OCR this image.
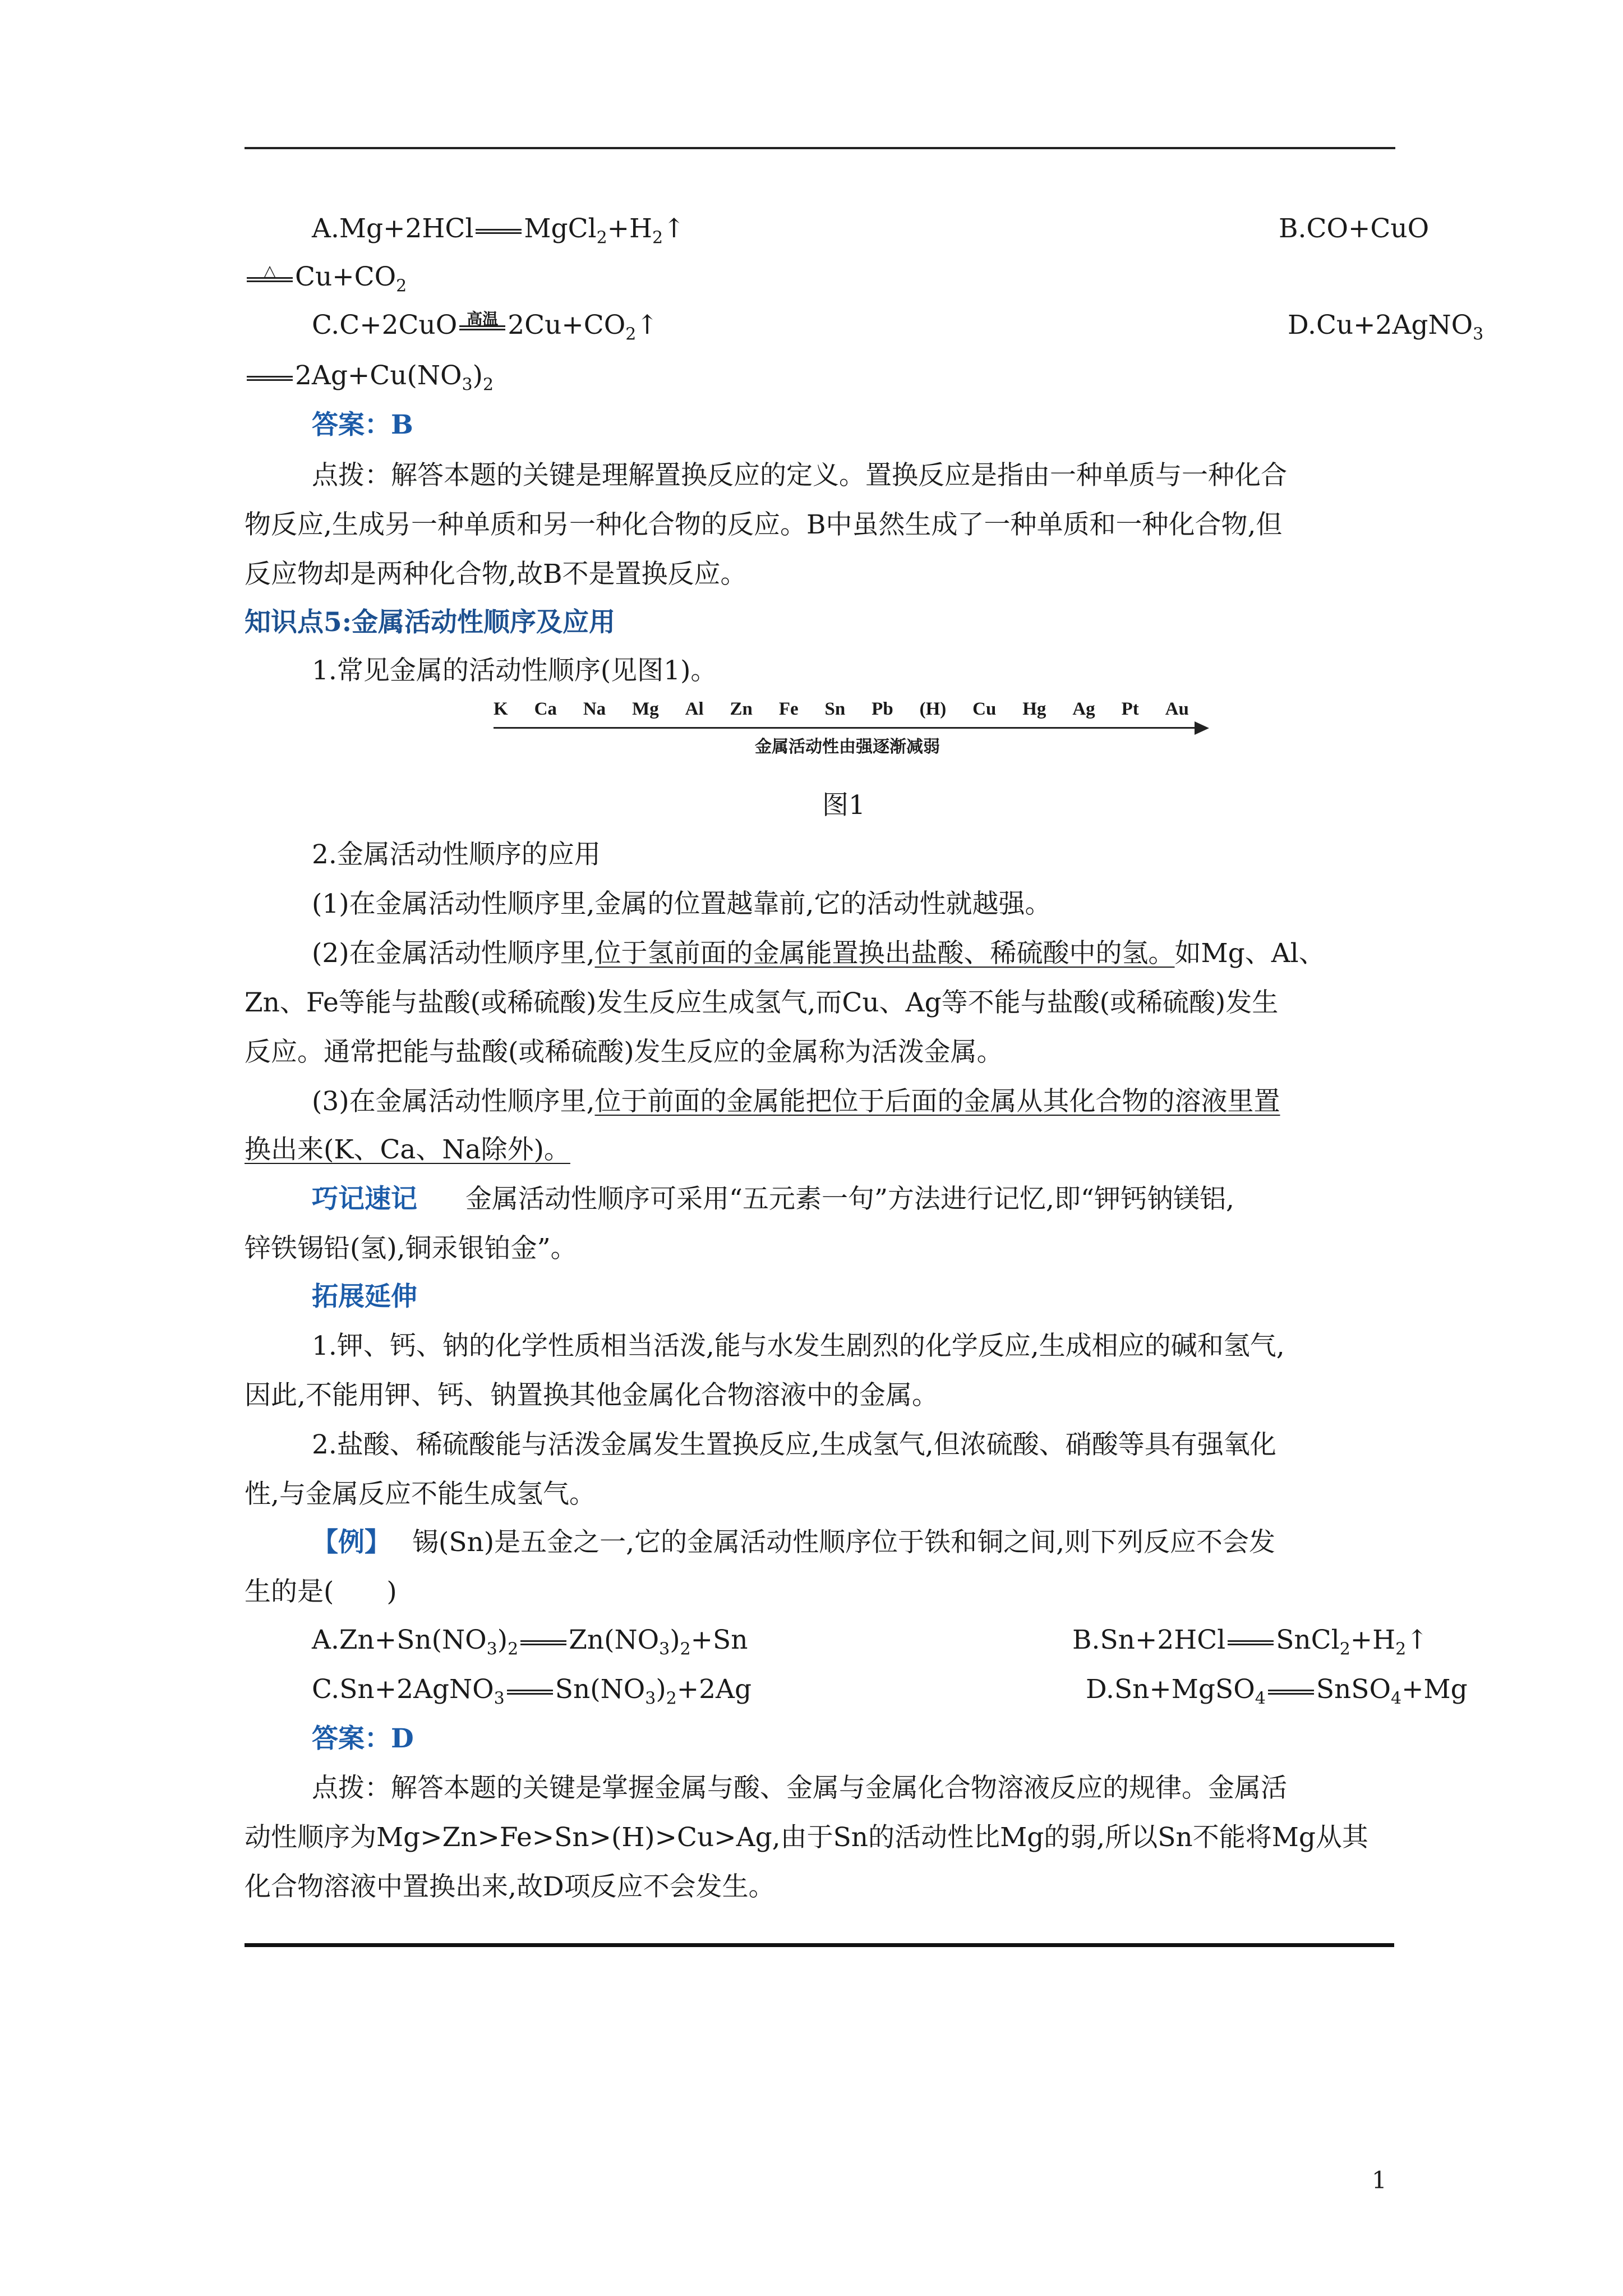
A.Mg+2HCl $MgCl_2+H_2↑$	B.CO+CuO
△ $Cu+CO_2$
C.C+2CuO 高温 $2Cu+CO_2↑$	D.Cu+2AgNO$_3$
$2Ag+Cu(NO_3)_2$
答案：B
点拨：解答本题的关键是理解置换反应的定义。置换反应是指由一种单质与一种化合
物反应,生成另一种单质和另一种化合物的反应。B中虽然生成了一种单质和一种化合物,但
反应物却是两种化合物,故B不是置换反应。
知识点5:金属活动性顺序及应用
1.常见金属的活动性顺序(见图1)。
K Ca Na Mg Al Zn Fe Sn Pb (H) Cu Hg Ag Pt Au
金属活动性由强逐渐减弱
图1
2.金属活动性顺序的应用
(1)在金属活动性顺序里,金属的位置越靠前,它的活动性就越强。
(2)在金属活动性顺序里,位于氢前面的金属能置换出盐酸、稀硫酸中的氢。如Mg、Al、
Zn、Fe等能与盐酸(或稀硫酸)发生反应生成氢气,而Cu、Ag等不能与盐酸(或稀硫酸)发生
反应。通常把能与盐酸(或稀硫酸)发生反应的金属称为活泼金属。
(3)在金属活动性顺序里,位于前面的金属能把位于后面的金属从其化合物的溶液里置
换出来(K、Ca、Na除外)。
巧记速记 金属活动性顺序可采用“五元素一句”方法进行记忆,即“钾钙钠镁铝,
锌铁锡铅(氢),铜汞银铂金”。
拓展延伸
1.钾、钙、钠的化学性质相当活泼,能与水发生剧烈的化学反应,生成相应的碱和氢气,
因此,不能用钾、钙、钠置换其他金属化合物溶液中的金属。
2.盐酸、稀硫酸能与活泼金属发生置换反应,生成氢气,但浓硫酸、硝酸等具有强氧化
性,与金属反应不能生成氢气。
【例】 锡(Sn)是五金之一,它的金属活动性顺序位于铁和铜之间,则下列反应不会发
生的是(　　)
$A.Zn+Sn(NO_3)_2$ $Zn(NO_3)_2+Sn$	B.Sn+2HCl $SnCl_2+H_2↑$
C.Sn+2AgNO$_3$ $Sn(NO_3)_2+2Ag$	D.Sn+MgSO$_4$ SnSO$_4$+Mg
答案：D
点拨：解答本题的关键是掌握金属与酸、金属与金属化合物溶液反应的规律。金属活
动性顺序为Mg>Zn>Fe>Sn>(H)>Cu>Ag,由于Sn的活动性比Mg的弱,所以Sn不能将Mg从其
化合物溶液中置换出来,故D项反应不会发生。
1
